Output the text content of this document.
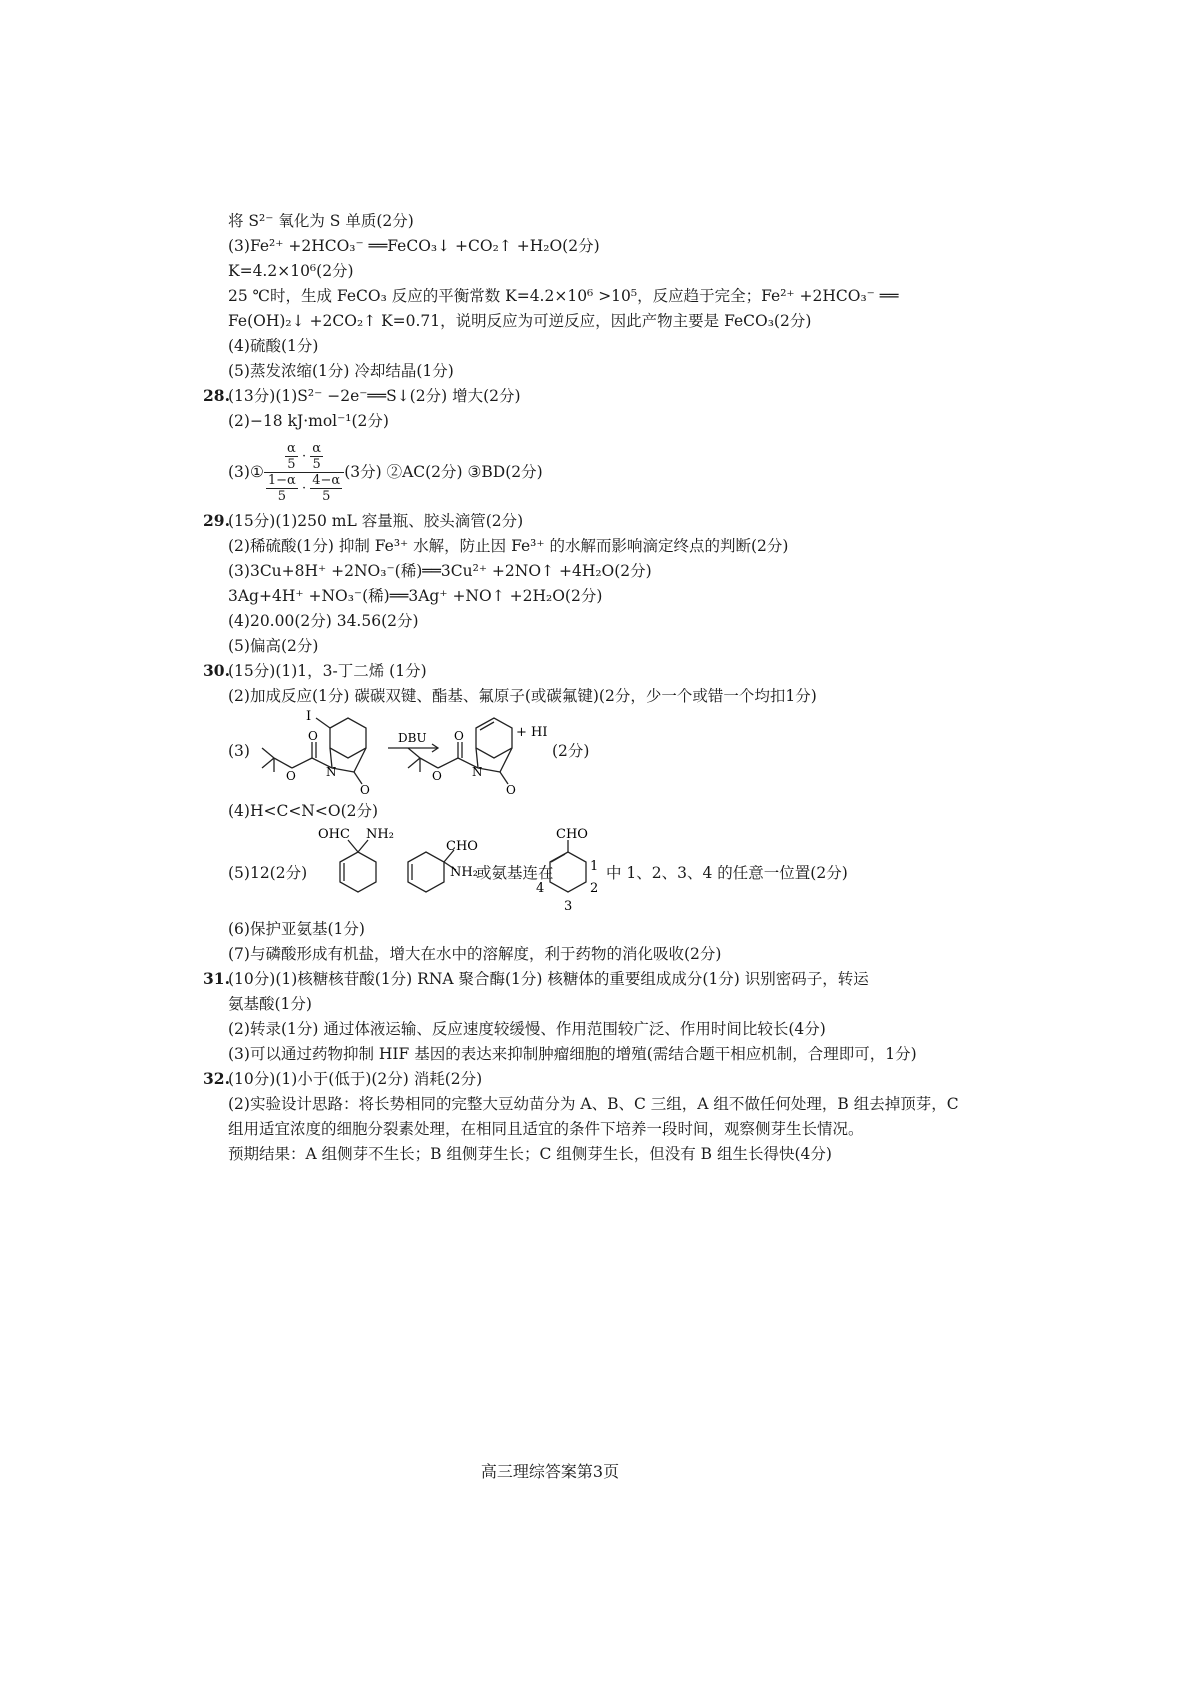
将 S²⁻ 氧化为 S 单质(2分)
(3)Fe²⁺ +2HCO₃⁻ ══FeCO₃↓ +CO₂↑ +H₂O(2分)
K=4.2×10⁶(2分)
25 ℃时，生成 FeCO₃ 反应的平衡常数 K=4.2×10⁶ >10⁵，反应趋于完全；Fe²⁺ +2HCO₃⁻ ══
Fe(OH)₂↓ +2CO₂↑ K=0.71，说明反应为可逆反应，因此产物主要是 FeCO₃(2分)
(4)硫酸(1分)
(5)蒸发浓缩(1分) 冷却结晶(1分)
28.
(13分)(1)S²⁻ −2e⁻══S↓(2分) 增大(2分)
(2)−18 kJ·mol⁻¹(2分)
(3)① $\frac{\frac{\alpha}{5} \cdot \frac{\alpha}{5}}{\frac{1-\alpha}{5} \cdot \frac{4-\alpha}{5}} (3$分) ②AC(2分) ③BD(2分)
29.
(15分)(1)250 mL 容量瓶、胶头滴管(2分)
(2)稀硫酸(1分) 抑制 Fe³⁺ 水解，防止因 Fe³⁺ 的水解而影响滴定终点的判断(2分)
(3)3Cu+8H⁺ +2NO₃⁻(稀)══3Cu²⁺ +2NO↑ +4H₂O(2分)
3Ag+4H⁺ +NO₃⁻(稀)══3Ag⁺ +NO↑ +2H₂O(2分)
(4)20.00(2分) 34.56(2分)
(5)偏高(2分)
30.
(15分)(1)1，3-丁二烯 (1分)
(2)加成反应(1分) 碳碳双键、酯基、氟原子(或碳氟键)(2分，少一个或错一个均扣1分)
(3)
I
N
O
O
O
DBU
N
O
O
O
+ HI
(2分)
(4)H<C<N<O(2分)
(5)12(2分)
OHC NH₂
CHO
NH₂
CHO
1
2
3
4
或氨基连在	中 1、2、3、4 的任意一位置(2分)
(6)保护亚氨基(1分)
(7)与磷酸形成有机盐，增大在水中的溶解度，利于药物的消化吸收(2分)
31.
(10分)(1)核糖核苷酸(1分) RNA 聚合酶(1分) 核糖体的重要组成成分(1分) 识别密码子，转运
氨基酸(1分)
(2)转录(1分) 通过体液运输、反应速度较缓慢、作用范围较广泛、作用时间比较长(4分)
(3)可以通过药物抑制 HIF 基因的表达来抑制肿瘤细胞的增殖(需结合题干相应机制，合理即可，1分)
32.
(10分)(1)小于(低于)(2分) 消耗(2分)
(2)实验设计思路：将长势相同的完整大豆幼苗分为 A、B、C 三组，A 组不做任何处理，B 组去掉顶芽，C
组用适宜浓度的细胞分裂素处理，在相同且适宜的条件下培养一段时间，观察侧芽生长情况。
预期结果：A 组侧芽不生长；B 组侧芽生长；C 组侧芽生长，但没有 B 组生长得快(4分)
高三理综答案第3页
